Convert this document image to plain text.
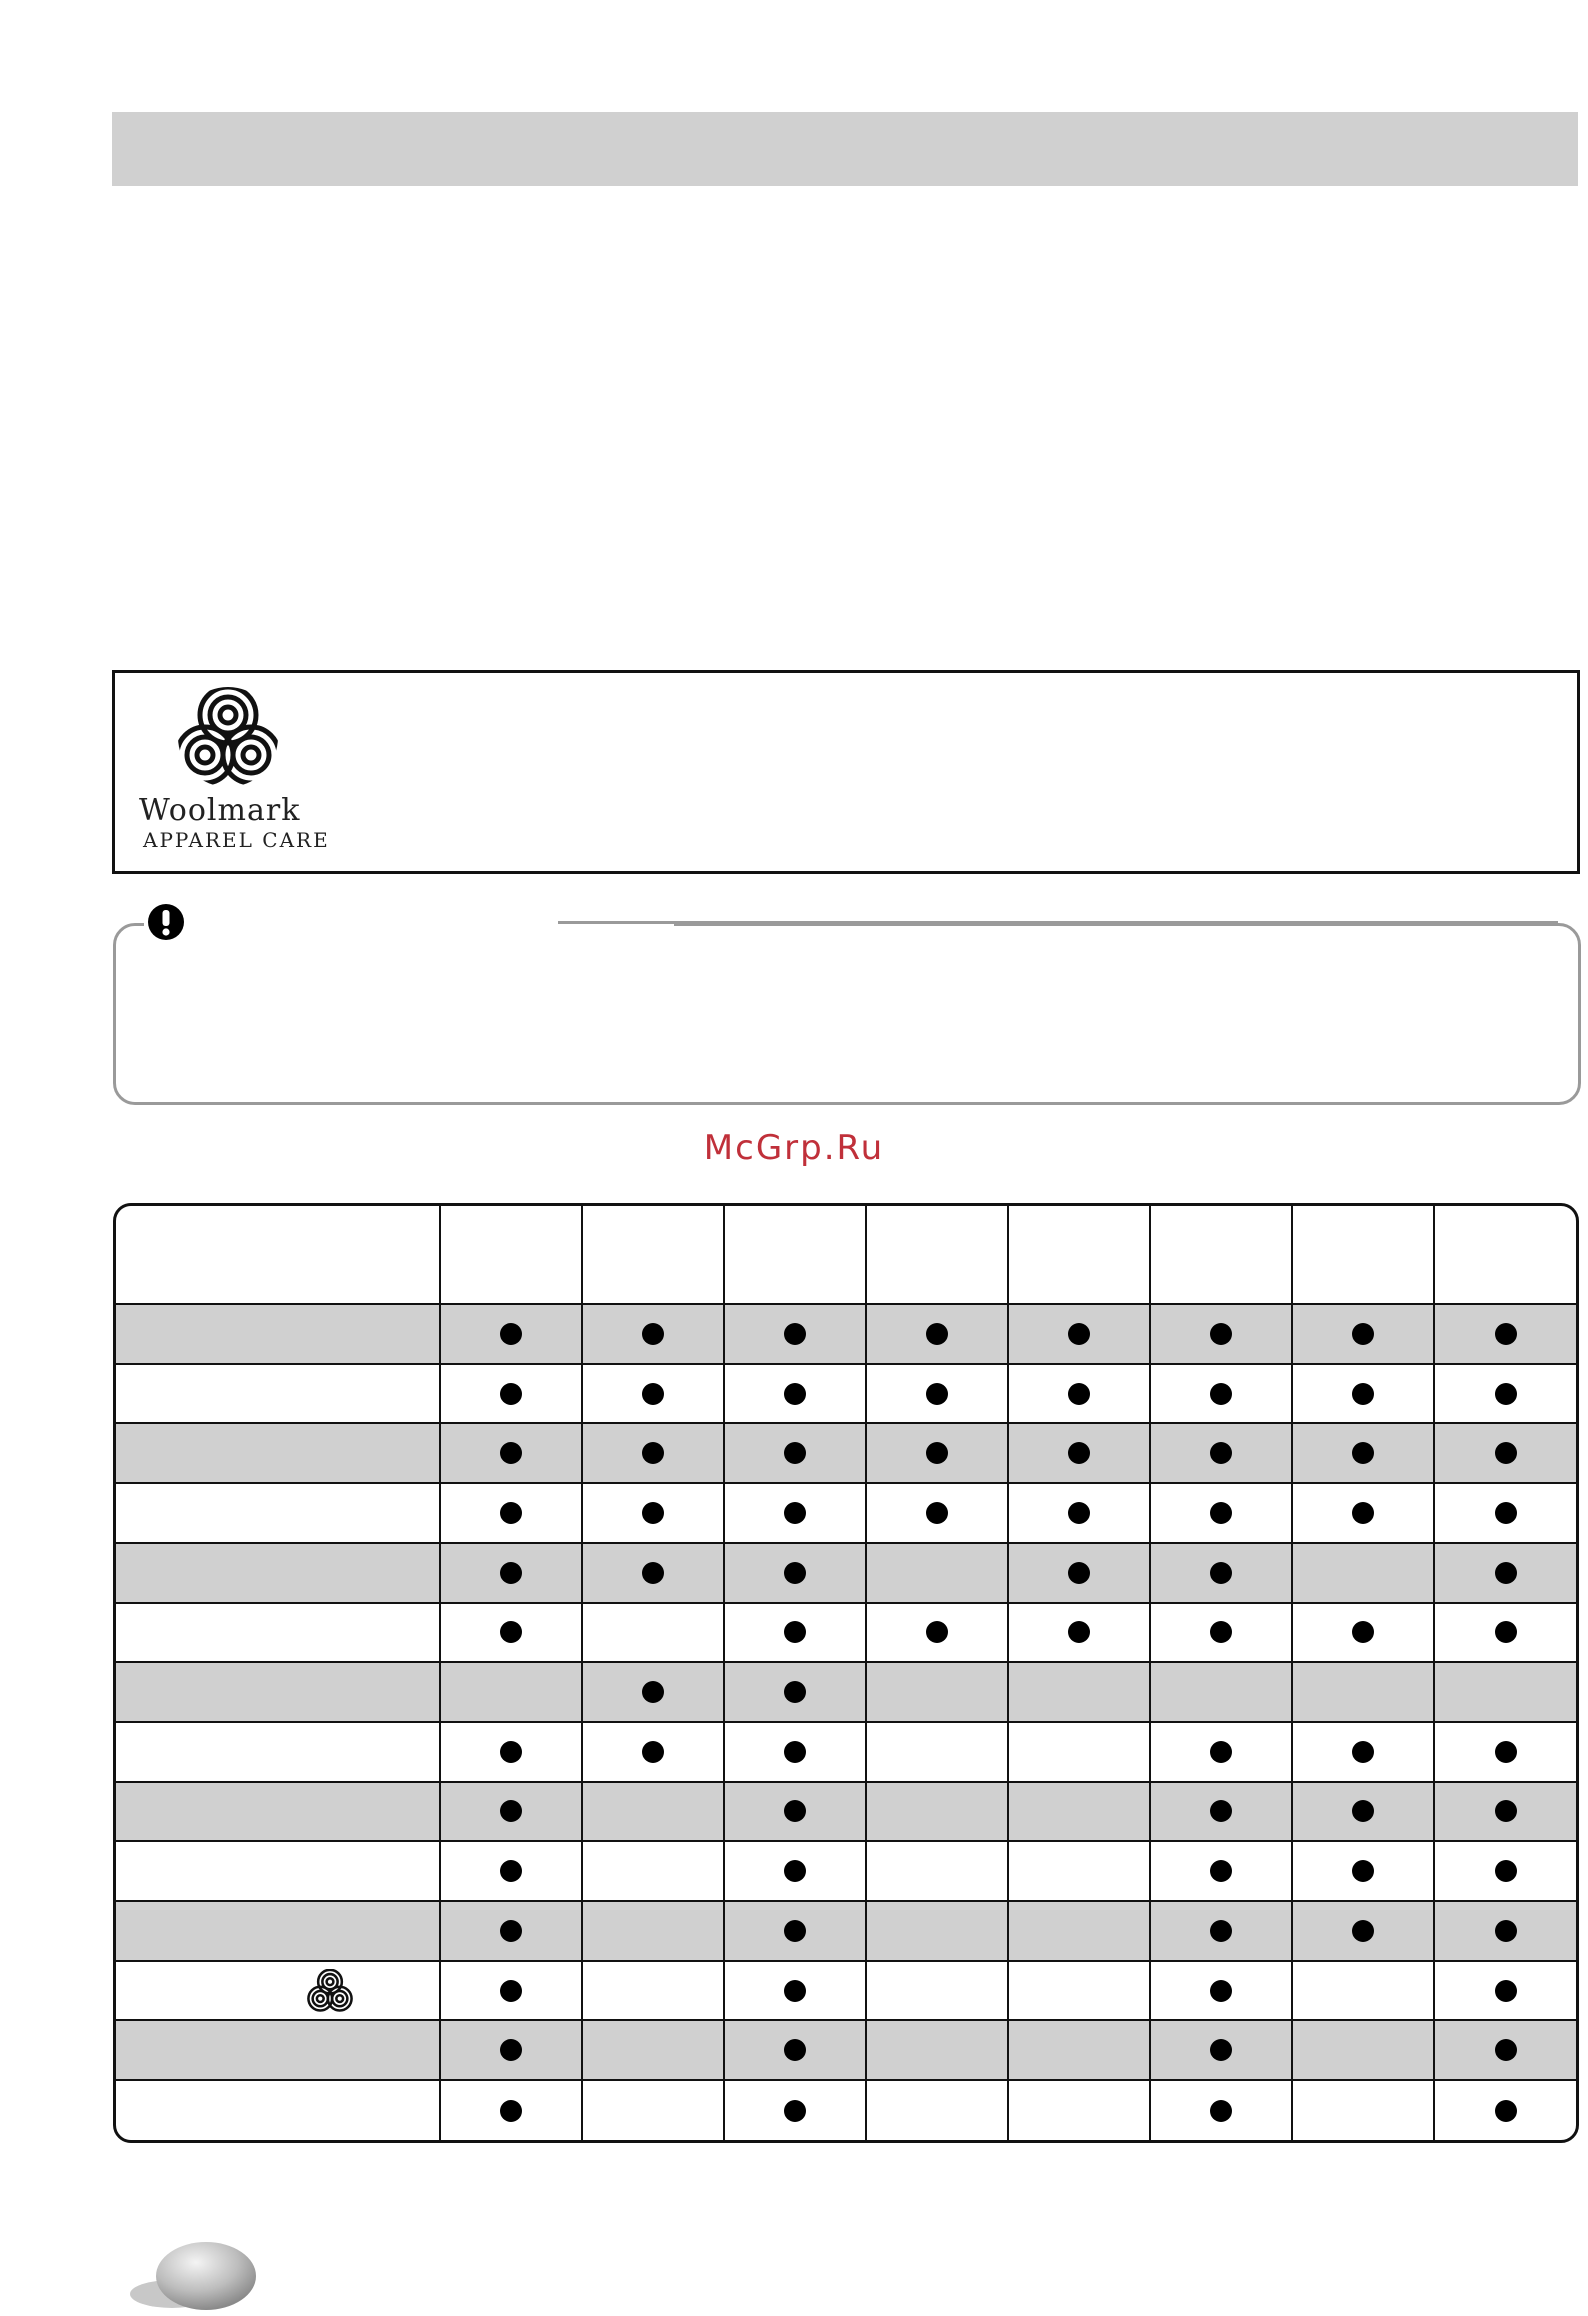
Woolmark
APPAREL CARE
McGrp.Ru
